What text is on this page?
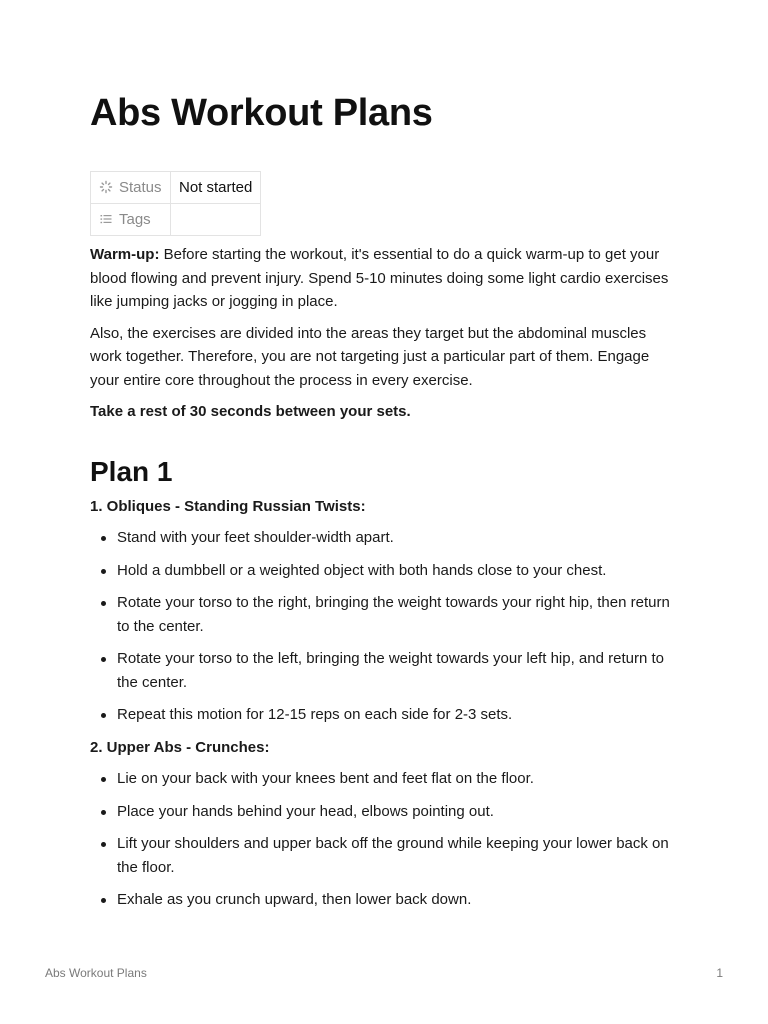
Abs Workout Plans
Status	Not started
Tags	

Warm-up: Before starting the workout, it's essential to do a quick warm-up to get your blood flowing and prevent injury. Spend 5-10 minutes doing some light cardio exercises like jumping jacks or jogging in place.

Also, the exercises are divided into the areas they target but the abdominal muscles work together. Therefore, you are not targeting just a particular part of them. Engage your entire core throughout the process in every exercise.

Take a rest of 30 seconds between your sets.

Plan 1

1. Obliques - Standing Russian Twists:

Stand with your feet shoulder-width apart.
Hold a dumbbell or a weighted object with both hands close to your chest.
Rotate your torso to the right, bringing the weight towards your right hip, then return to the center.
Rotate your torso to the left, bringing the weight towards your left hip, and return to the center.
Repeat this motion for 12-15 reps on each side for 2-3 sets.

2. Upper Abs - Crunches:

Lie on your back with your knees bent and feet flat on the floor.
Place your hands behind your head, elbows pointing out.
Lift your shoulders and upper back off the ground while keeping your lower back on the floor.
Exhale as you crunch upward, then lower back down.
Abs Workout Plans	1
